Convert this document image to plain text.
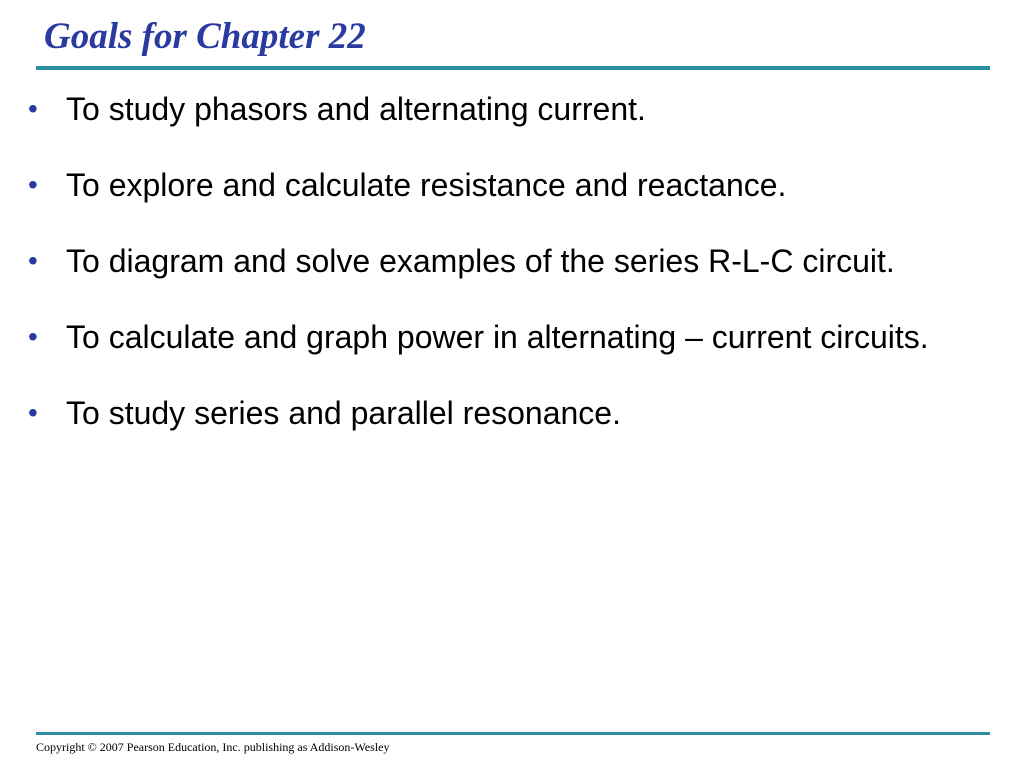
Goals for Chapter 22
• To study phasors and alternating current.
• To explore and calculate resistance and reactance.
• To diagram and solve examples of the series R-L-C circuit.
• To calculate and graph power in alternating – current circuits.
• To study series and parallel resonance.
Copyright © 2007 Pearson Education, Inc. publishing as Addison-Wesley
